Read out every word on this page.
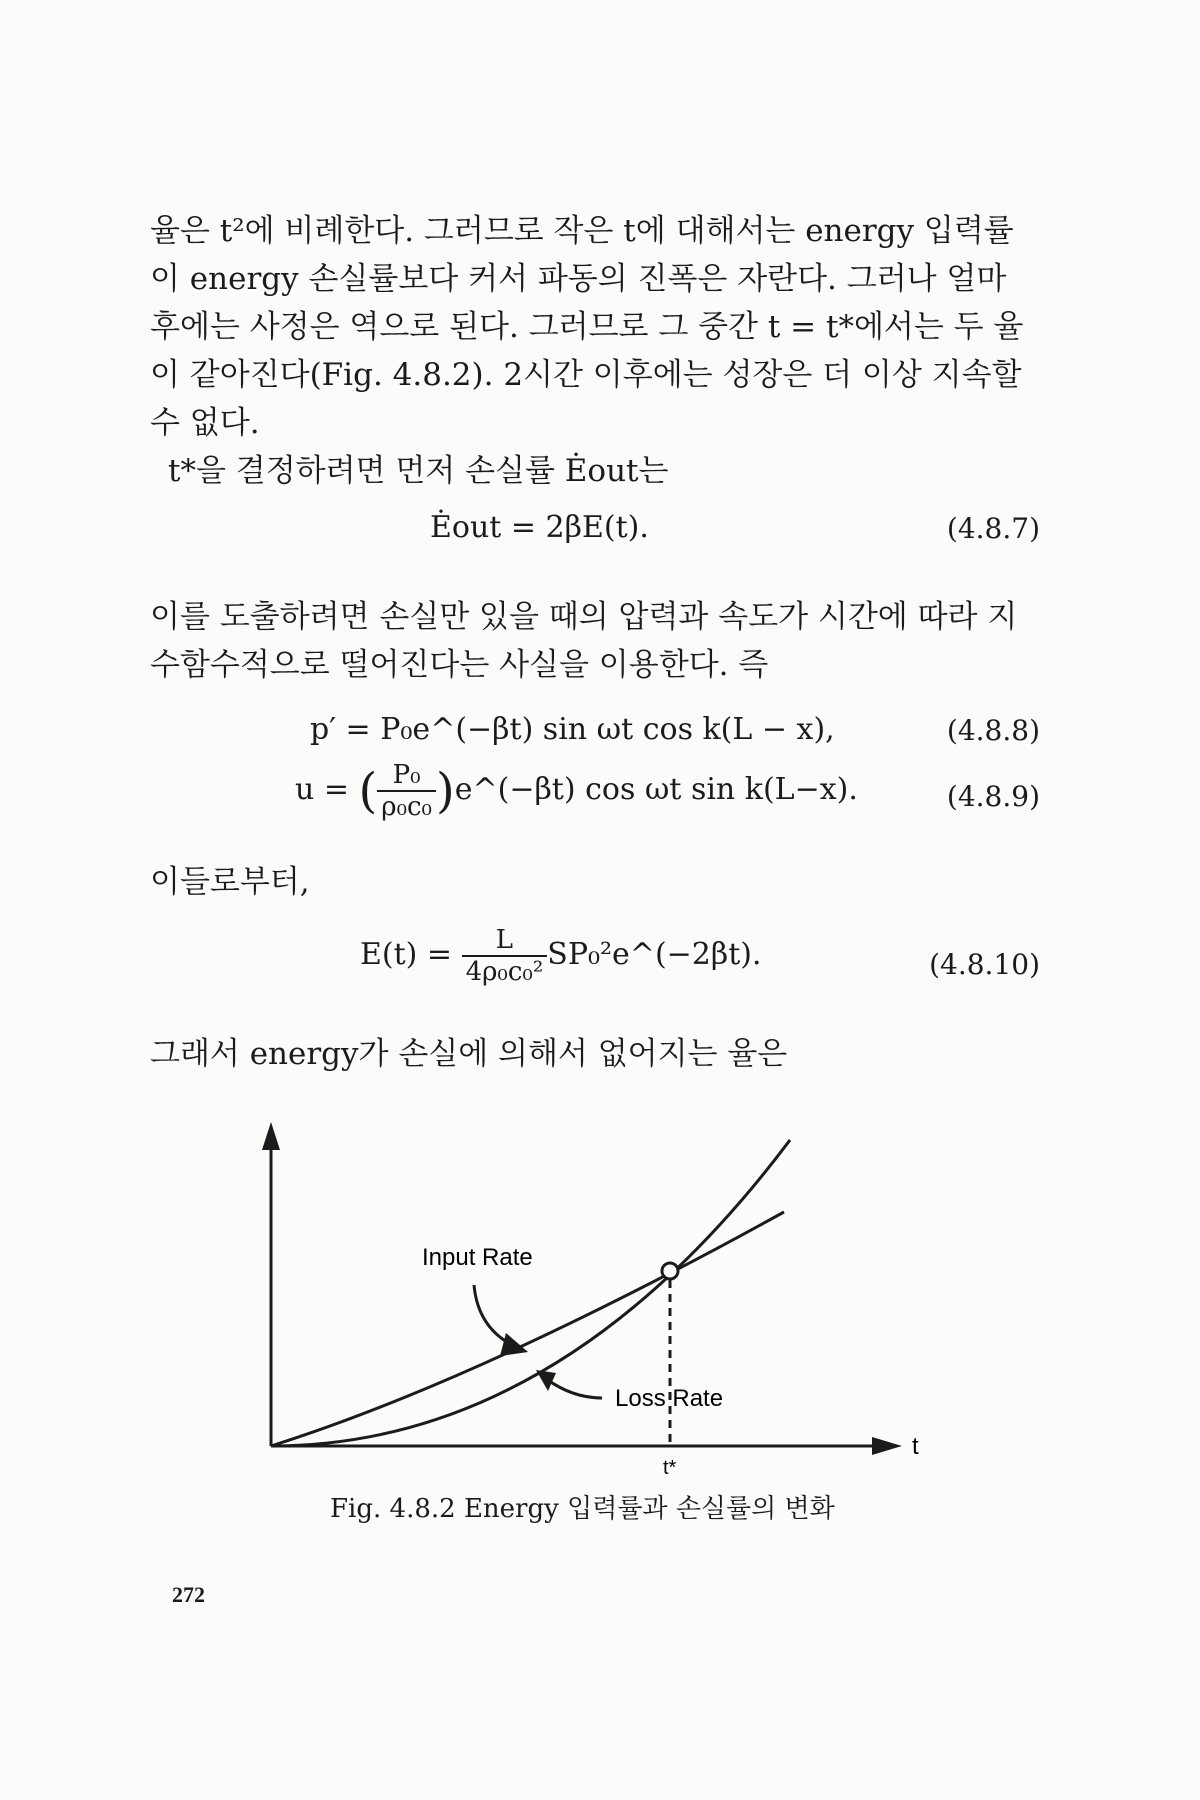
율은 t²에 비례한다. 그러므로 작은 t에 대해서는 energy 입력률이 energy 손실률보다 커서 파동의 진폭은 자란다. 그러나 얼마 후에는 사정은 역으로 된다. 그러므로 그 중간 t = t*에서는 두 율이 같아진다(Fig. 4.8.2). 2시간 이후에는 성장은 더 이상 지속할 수 없다.

t*을 결정하려면 먼저 손실률 Ėout는

Ėout = 2βE(t).	(4.8.7)

이를 도출하려면 손실만 있을 때의 압력과 속도가 시간에 따라 지수함수적으로 떨어진다는 사실을 이용한다. 즉

p′ = P₀e^(−βt) sin ωt cos k(L − x),	(4.8.8)
u = ( $\frac{\text{P₀}}{\text{ρ₀c₀}}$ )e^(−βt) cos ωt sin k(L−x).	(4.8.9)

이들로부터,

$E(t) = \frac{L}{\text{4ρ₀c₀²}}$ SP₀²e^(−2βt).	(4.8.10)

그래서 energy가 손실에 의해서 없어지는 율은

t
t*
Input Rate
Loss Rate
Fig. 4.8.2 Energy 입력률과 손실률의 변화
272
